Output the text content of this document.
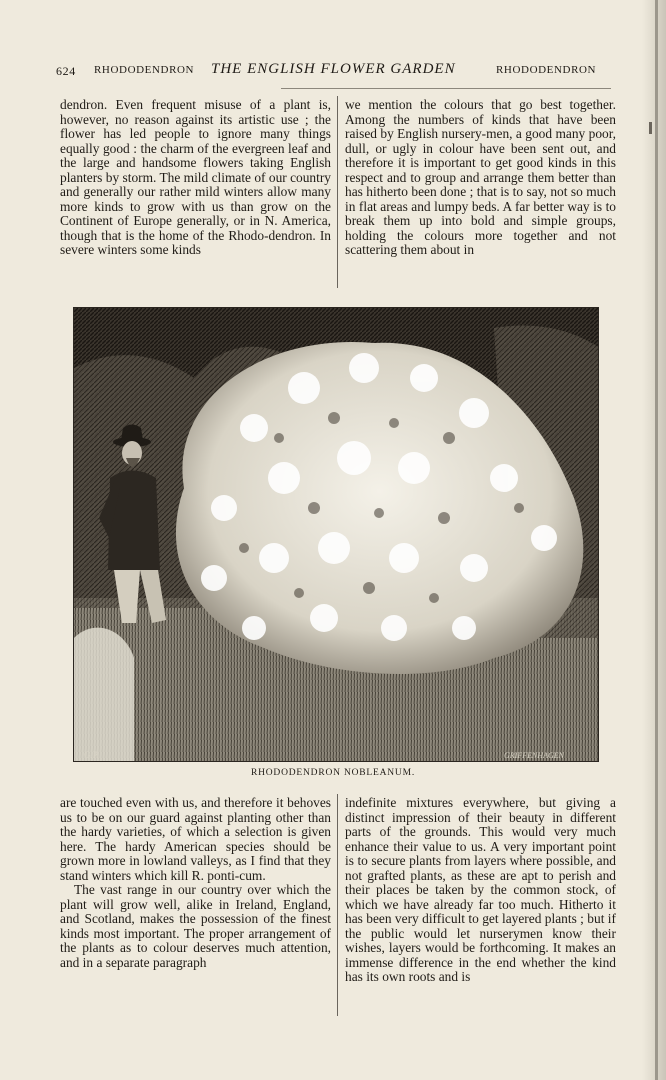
624 RHODODENDRON THE ENGLISH FLOWER GARDEN	RHODODENDRON

dendron. Even frequent misuse of a plant is, however, no reason against its artistic use ; the flower has led people to ignore many things equally good : the charm of the evergreen leaf and the large and handsome flowers taking English planters by storm. The mild climate of our country and generally our rather mild winters allow many more kinds to grow with us than grow on the Continent of Europe generally, or in N. America, though that is the home of the Rhodo-dendron. In severe winters some kinds

we mention the colours that go best together. Among the numbers of kinds that have been raised by English nursery-men, a good many poor, dull, or ugly in colour have been sent out, and therefore it is important to get good kinds in this respect and to group and arrange them better than has hitherto been done ; that is to say, not so much in flat areas and lumpy beds. A far better way is to break them up into bold and simple groups, holding the colours more together and not scattering them about in

G.P.	GRIFFENHAGEN
RHODODENDRON NOBLEANUM.

are touched even with us, and therefore it behoves us to be on our guard against planting other than the hardy varieties, of which a selection is given here. The hardy American species should be grown more in lowland valleys, as I find that they stand winters which kill R. ponti-cum.

The vast range in our country over which the plant will grow well, alike in Ireland, England, and Scotland, makes the possession of the finest kinds most important. The proper arrangement of the plants as to colour deserves much attention, and in a separate paragraph

indefinite mixtures everywhere, but giving a distinct impression of their beauty in different parts of the grounds. This would very much enhance their value to us. A very important point is to secure plants from layers where possible, and not grafted plants, as these are apt to perish and their places be taken by the common stock, of which we have already far too much. Hitherto it has been very difficult to get layered plants ; but if the public would let nurserymen know their wishes, layers would be forthcoming. It makes an immense difference in the end whether the kind has its own roots and is
